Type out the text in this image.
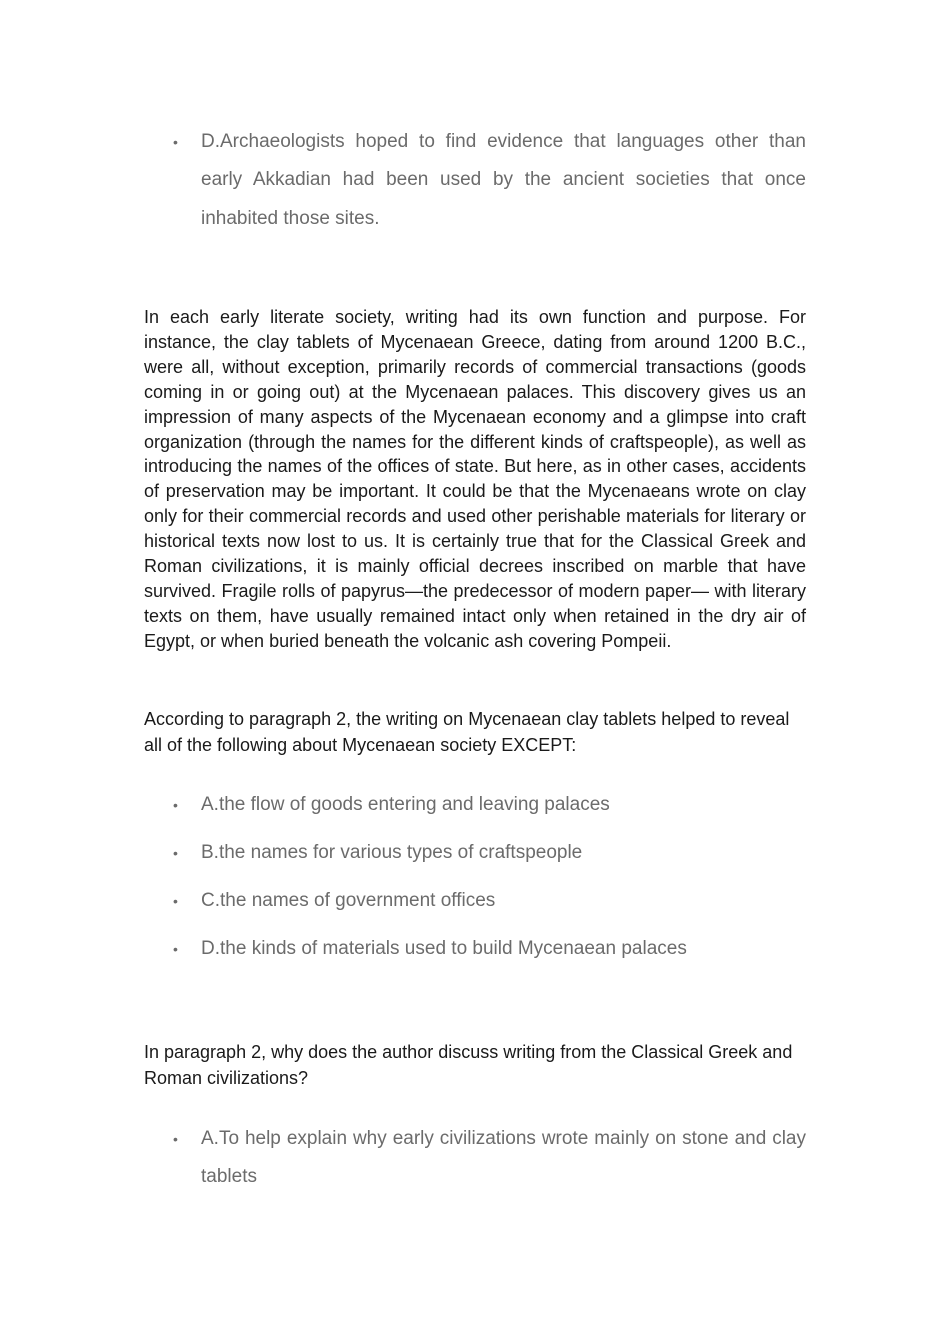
• D.Archaeologists hoped to find evidence that languages other than early Akkadian had been used by the ancient societies that once inhabited those sites.

In each early literate society, writing had its own function and purpose. For instance, the clay tablets of Mycenaean Greece, dating from around 1200 B.C., were all, without exception, primarily records of commercial transactions (goods coming in or going out) at the Mycenaean palaces. This discovery gives us an impression of many aspects of the Mycenaean economy and a glimpse into craft organization (through the names for the different kinds of craftspeople), as well as introducing the names of the offices of state. But here, as in other cases, accidents of preservation may be important. It could be that the Mycenaeans wrote on clay only for their commercial records and used other perishable materials for literary or historical texts now lost to us. It is certainly true that for the Classical Greek and Roman civilizations, it is mainly official decrees inscribed on marble that have survived. Fragile rolls of papyrus—the predecessor of modern paper— with literary texts on them, have usually remained intact only when retained in the dry air of Egypt, or when buried beneath the volcanic ash covering Pompeii.

According to paragraph 2, the writing on Mycenaean clay tablets helped to reveal all of the following about Mycenaean society EXCEPT:

• A.the flow of goods entering and leaving palaces
• B.the names for various types of craftspeople
• C.the names of government offices
• D.the kinds of materials used to build Mycenaean palaces

In paragraph 2, why does the author discuss writing from the Classical Greek and Roman civilizations?

• A.To help explain why early civilizations wrote mainly on stone and clay tablets
